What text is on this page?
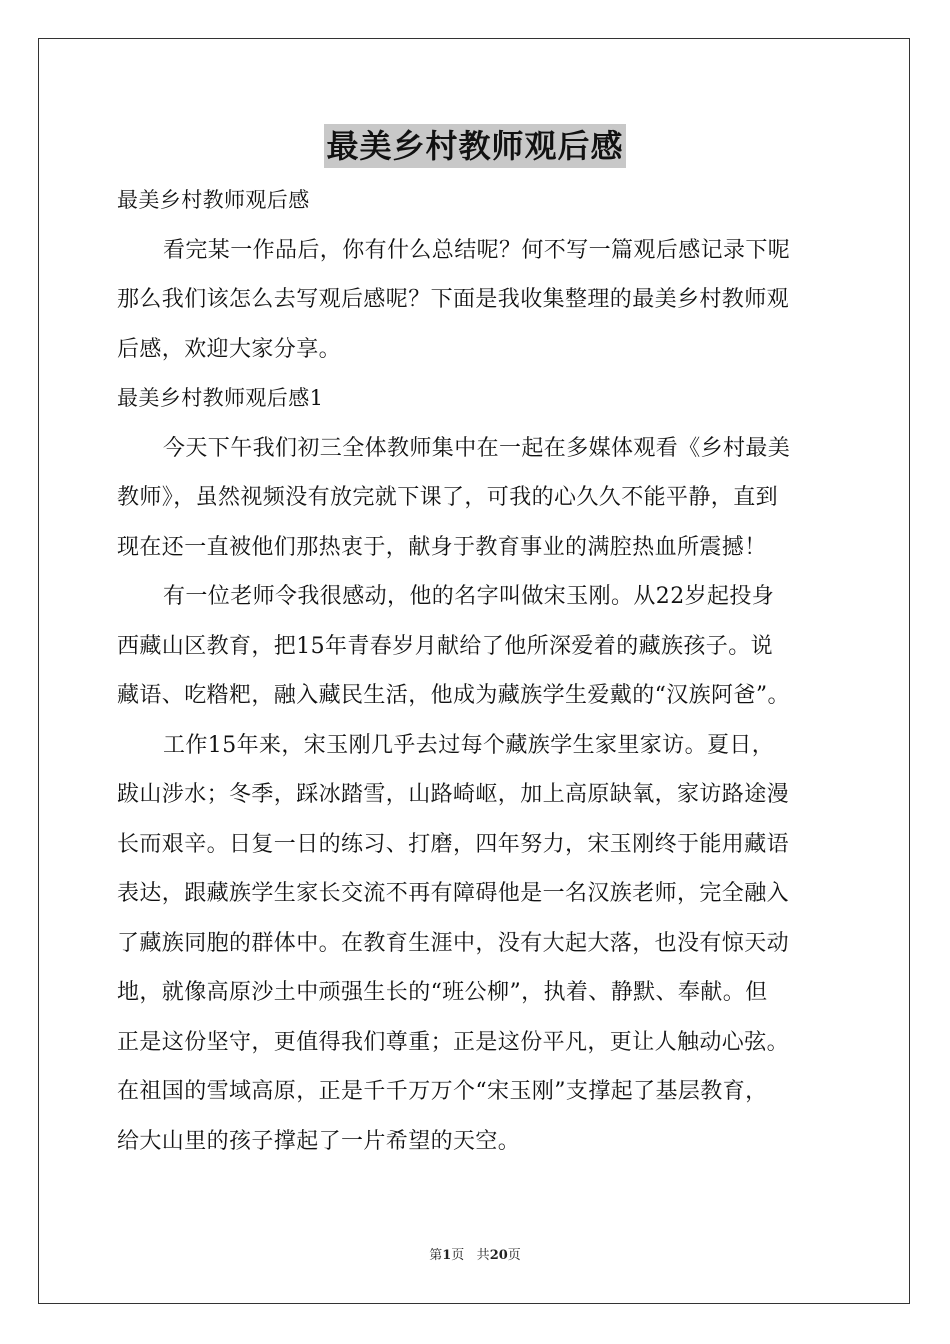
最美乡村教师观后感
最美乡村教师观后感
看完某一作品后，你有什么总结呢？何不写一篇观后感记录下呢
那么我们该怎么去写观后感呢？下面是我收集整理的最美乡村教师观
后感，欢迎大家分享。
最美乡村教师观后感1
今天下午我们初三全体教师集中在一起在多媒体观看《乡村最美
教师》，虽然视频没有放完就下课了，可我的心久久不能平静，直到
现在还一直被他们那热衷于，献身于教育事业的满腔热血所震撼！
有一位老师令我很感动，他的名字叫做宋玉刚。从22岁起投身
西藏山区教育，把15年青春岁月献给了他所深爱着的藏族孩子。说
藏语、吃糌粑，融入藏民生活，他成为藏族学生爱戴的“汉族阿爸”。
工作15年来，宋玉刚几乎去过每个藏族学生家里家访。夏日，
跋山涉水；冬季，踩冰踏雪，山路崎岖，加上高原缺氧，家访路途漫
长而艰辛。日复一日的练习、打磨，四年努力，宋玉刚终于能用藏语
表达，跟藏族学生家长交流不再有障碍他是一名汉族老师，完全融入
了藏族同胞的群体中。在教育生涯中，没有大起大落，也没有惊天动
地，就像高原沙土中顽强生长的“班公柳”，执着、静默、奉献。但
正是这份坚守，更值得我们尊重；正是这份平凡，更让人触动心弦。
在祖国的雪域高原，正是千千万万个“宋玉刚”支撑起了基层教育，
给大山里的孩子撑起了一片希望的天空。
第1页 共20页
